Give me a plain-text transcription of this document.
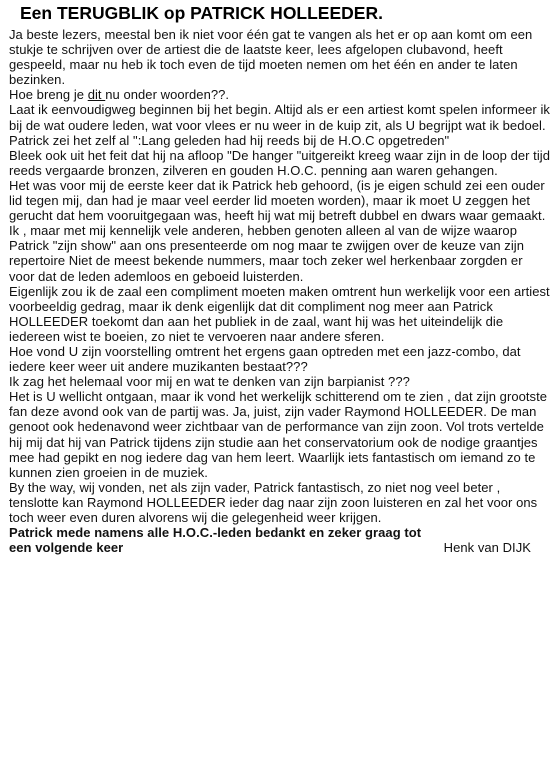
Een TERUGBLIK op PATRICK HOLLEEDER.

Ja beste lezers, meestal ben ik niet voor één gat te vangen als het er op aan komt om een stukje te schrijven over de artiest die de laatste keer, lees afgelopen clubavond, heeft gespeeld, maar nu heb ik toch even de tijd moeten nemen om het één en ander te laten bezinken.

Hoe breng je dit nu onder woorden??.

Laat ik eenvoudigweg beginnen bij het begin. Altijd als er een artiest komt spelen informeer ik bij de wat oudere leden, wat voor vlees er nu weer in de kuip zit, als U begrijpt wat ik bedoel.

Patrick zei het zelf al ":Lang geleden had hij reeds bij de H.O.C opgetreden"

Bleek ook uit het feit dat hij na afloop "De hanger "uitgereikt kreeg waar zijn in de loop der tijd reeds vergaarde bronzen, zilveren en gouden H.O.C. penning aan waren gehangen.

Het was voor mij de eerste keer dat ik Patrick heb gehoord, (is je eigen schuld zei een ouder lid tegen mij, dan had je maar veel eerder lid moeten worden), maar ik moet U zeggen het gerucht dat hem vooruitgegaan was, heeft hij wat mij betreft dubbel en dwars waar gemaakt.

Ik , maar met mij kennelijk vele anderen, hebben genoten alleen al van de wijze waarop Patrick "zijn show" aan ons presenteerde om nog maar te zwijgen over de keuze van zijn repertoire Niet de meest bekende nummers, maar toch zeker wel herkenbaar zorgden er voor dat de leden ademloos en geboeid luisterden.

Eigenlijk zou ik de zaal een compliment moeten maken omtrent hun werkelijk voor een artiest voorbeeldig gedrag, maar ik denk eigenlijk dat dit compliment nog meer aan Patrick HOLLEEDER toekomt dan aan het publiek in de zaal, want hij was het uiteindelijk die iedereen wist te boeien, zo niet te vervoeren naar andere sferen.

Hoe vond U zijn voorstelling omtrent het ergens gaan optreden met een jazz-combo, dat iedere keer weer uit andere muzikanten bestaat???

Ik zag het helemaal voor mij en wat te denken van zijn barpianist ???

Het is U wellicht ontgaan, maar ik vond het werkelijk schitterend om te zien , dat zijn grootste fan deze avond ook van de partij was. Ja, juist, zijn vader Raymond HOLLEEDER. De man genoot ook hedenavond weer zichtbaar van de performance van zijn zoon. Vol trots vertelde hij mij dat hij van Patrick tijdens zijn studie aan het conservatorium ook de nodige graantjes mee had gepikt en nog iedere dag van hem leert. Waarlijk iets fantastisch om iemand zo te kunnen zien groeien in de muziek.

By the way, wij vonden, net als zijn vader, Patrick fantastisch, zo niet nog veel beter , tenslotte kan Raymond HOLLEEDER ieder dag naar zijn zoon luisteren en zal het voor ons toch weer even duren alvorens wij die gelegenheid weer krijgen.

Patrick mede namens alle H.O.C.-leden bedankt en zeker graag tot

een volgende keer	Henk van DIJK
